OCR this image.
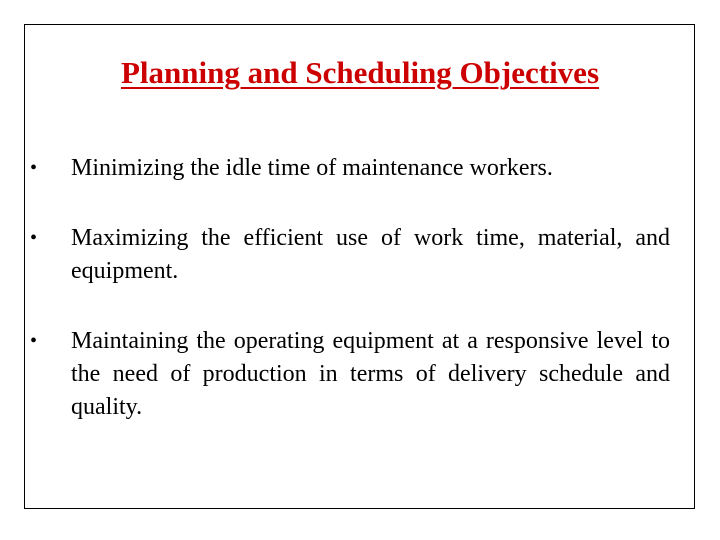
Planning and Scheduling Objectives
•	Minimizing the idle time of maintenance workers.
•	Maximizing the efficient use of work time, material, and equipment.
•	Maintaining the operating equipment at a responsive level to the need of production in terms of delivery schedule and quality.
